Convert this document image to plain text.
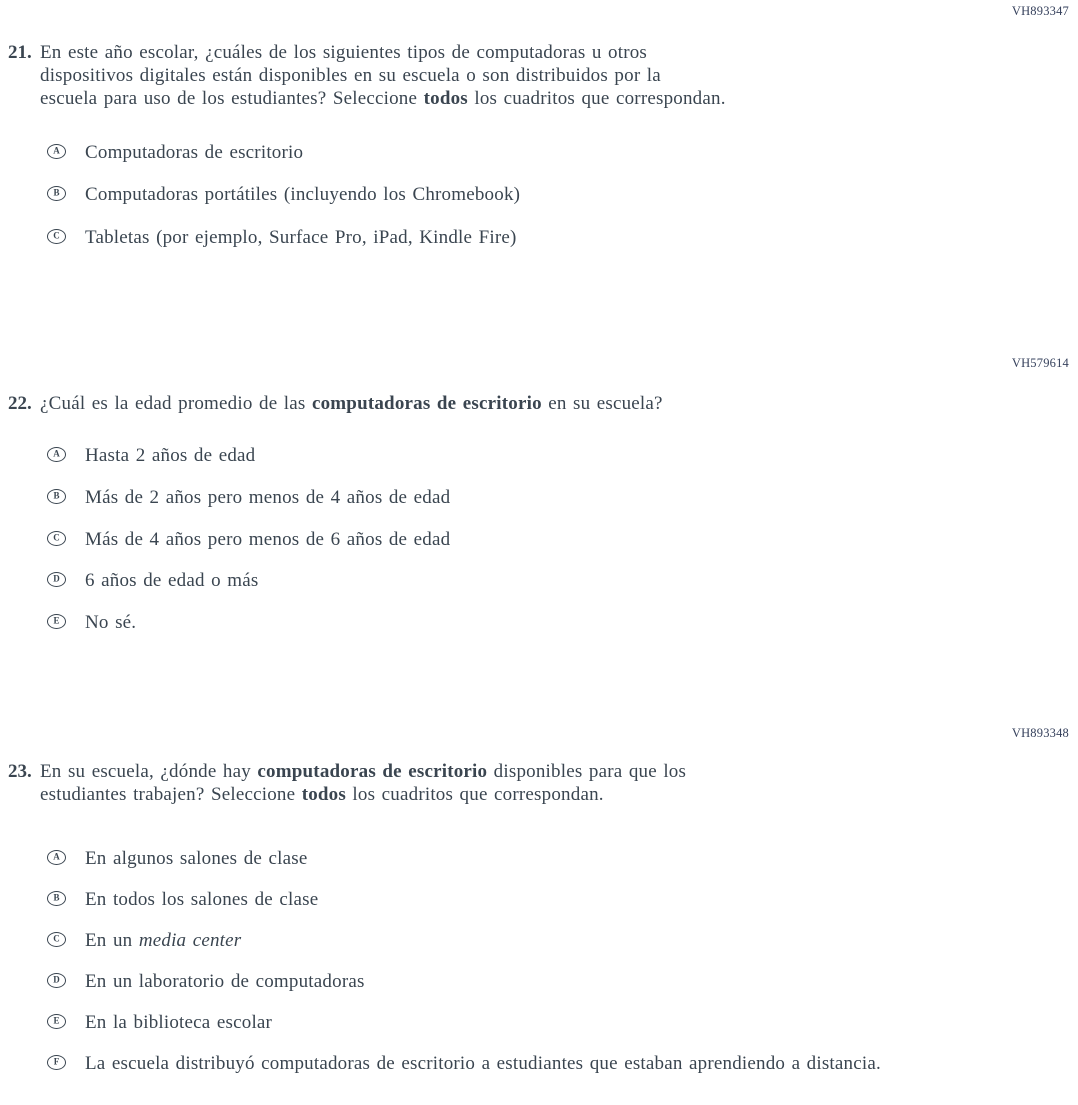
VH893347
21. En este año escolar, ¿cuáles de los siguientes tipos de computadoras u otros
dispositivos digitales están disponibles en su escuela o son distribuidos por la
escuela para uso de los estudiantes? Seleccione todos los cuadritos que correspondan.
A Computadoras de escritorio
B Computadoras portátiles (incluyendo los Chromebook)
C Tabletas (por ejemplo, Surface Pro, iPad, Kindle Fire)
VH579614
22. ¿Cuál es la edad promedio de las computadoras de escritorio en su escuela?
A Hasta 2 años de edad
B Más de 2 años pero menos de 4 años de edad
C Más de 4 años pero menos de 6 años de edad
D 6 años de edad o más
E No sé.
VH893348
23. En su escuela, ¿dónde hay computadoras de escritorio disponibles para que los
estudiantes trabajen? Seleccione todos los cuadritos que correspondan.
A En algunos salones de clase
B En todos los salones de clase
C En un media center
D En un laboratorio de computadoras
E En la biblioteca escolar
F La escuela distribuyó computadoras de escritorio a estudiantes que estaban aprendiendo a distancia.
